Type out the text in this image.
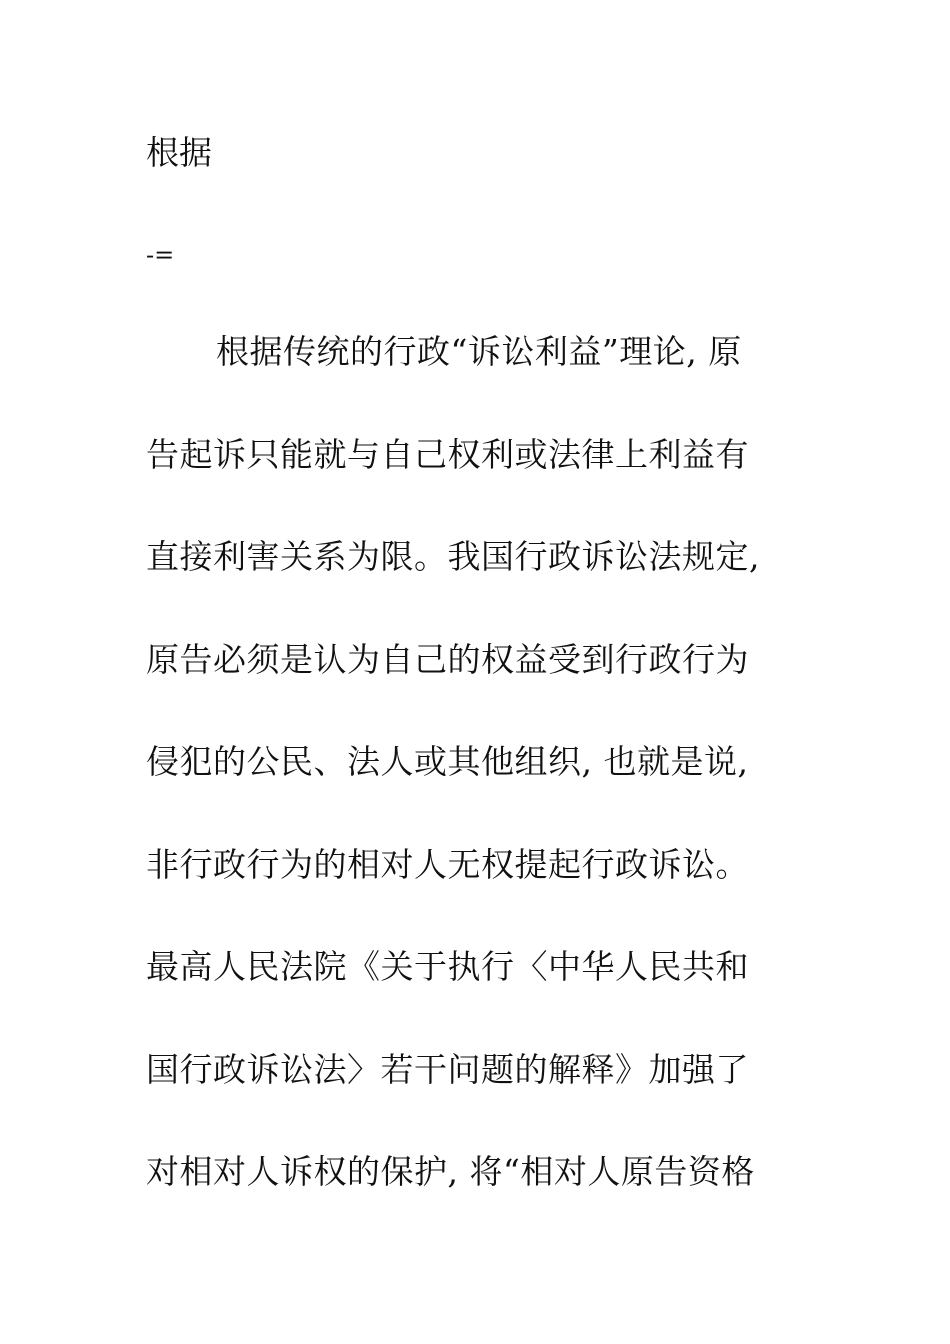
根据
-=
根据传统的行政“诉讼利益”理论, 原
告起诉只能就与自己权利或法律上利益有
直接利害关系为限。我国行政诉讼法规定,
原告必须是认为自己的权益受到行政行为
侵犯的公民、法人或其他组织, 也就是说,
非行政行为的相对人无权提起行政诉讼。
最高人民法院《关于执行〈中华人民共和
国行政诉讼法〉若干问题的解释》加强了
对相对人诉权的保护, 将“相对人原告资格
